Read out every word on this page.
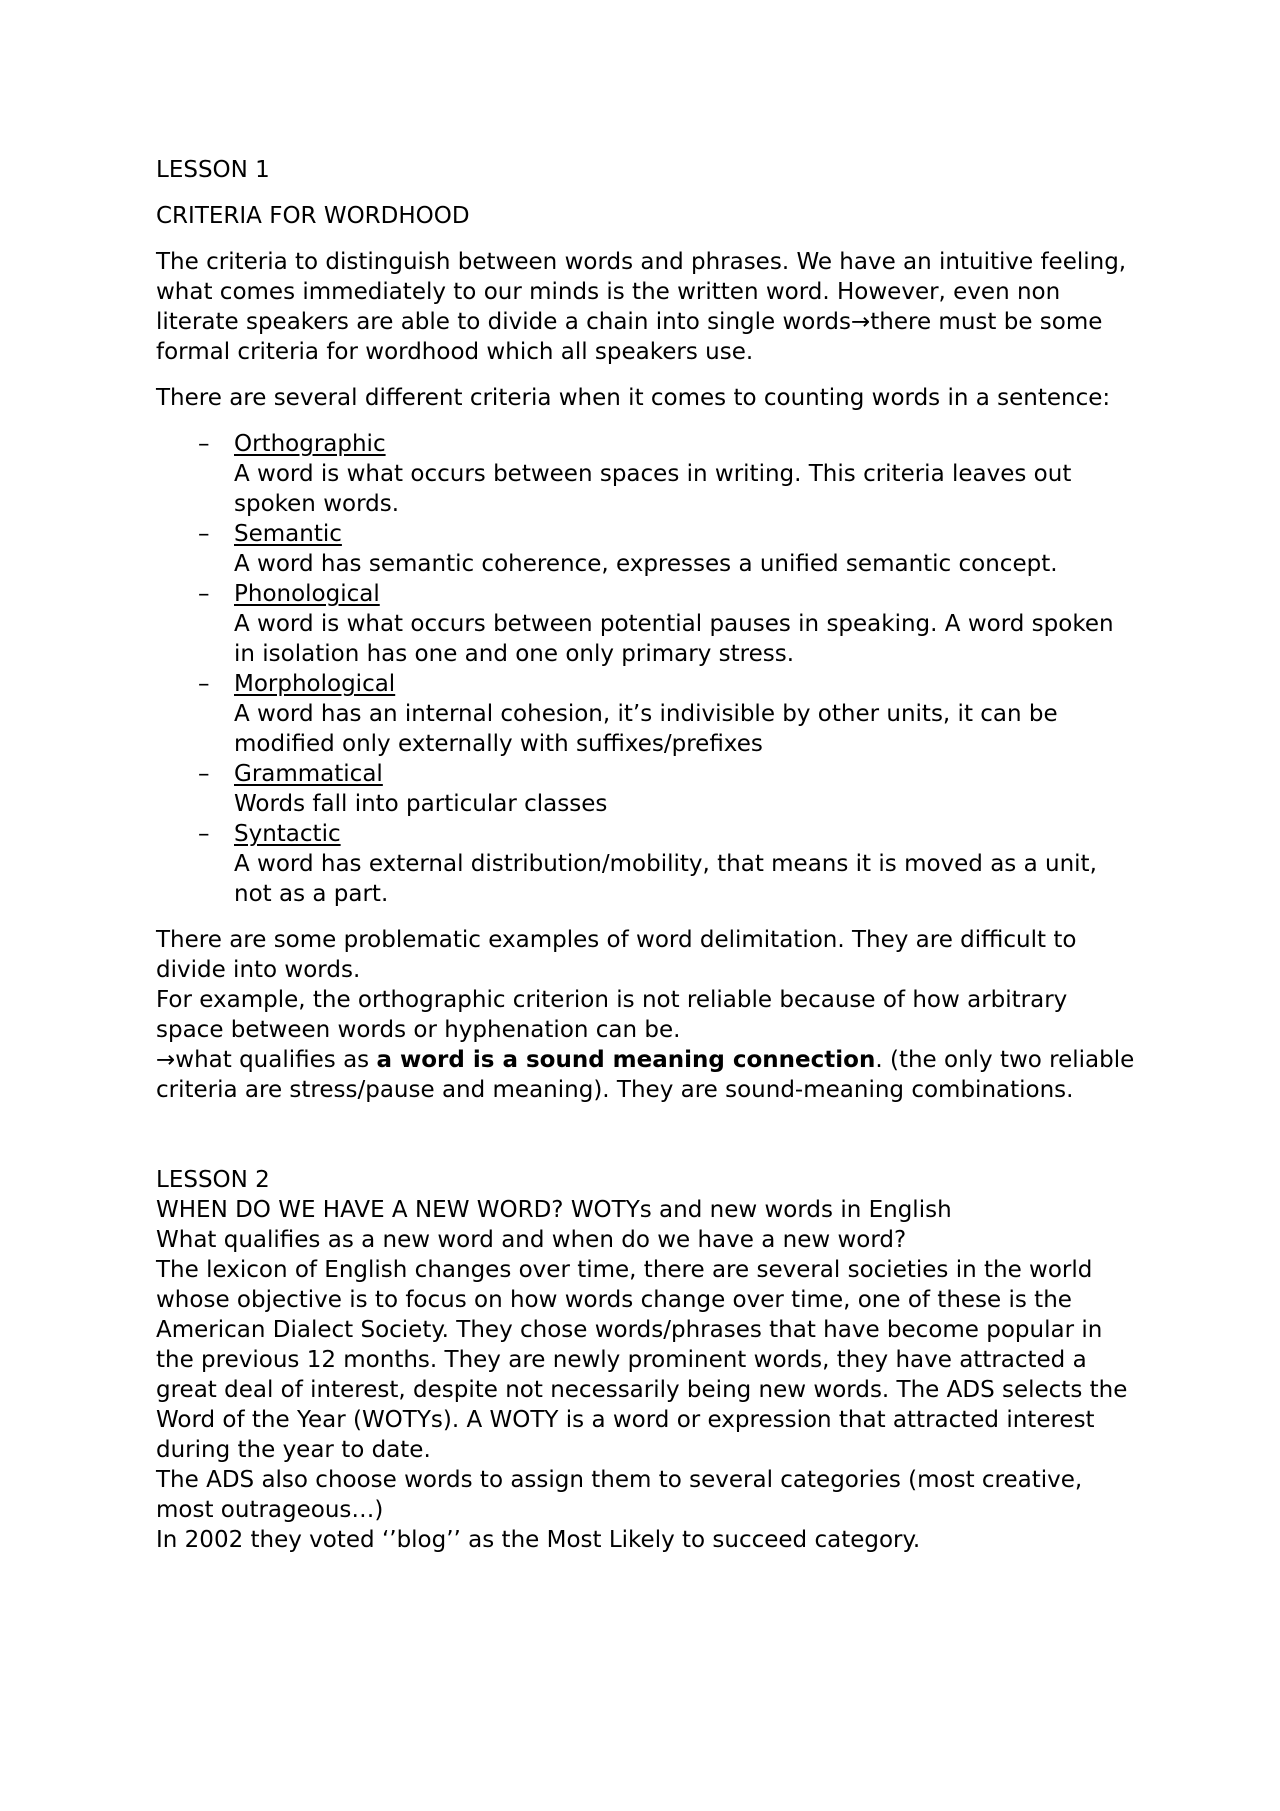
LESSON 1

CRITERIA FOR WORDHOOD

The criteria to distinguish between words and phrases. We have an intuitive feeling, what comes immediately to our minds is the written word. However, even non literate speakers are able to divide a chain into single words→there must be some formal criteria for wordhood which all speakers use.

There are several different criteria when it comes to counting words in a sentence:

–	Orthographic
A word is what occurs between spaces in writing. This criteria leaves out spoken words.
–	Semantic
A word has semantic coherence, expresses a unified semantic concept.
–	Phonological
A word is what occurs between potential pauses in speaking. A word spoken in isolation has one and one only primary stress.
–	Morphological
A word has an internal cohesion, it’s indivisible by other units, it can be modified only externally with suffixes/prefixes
–	Grammatical
Words fall into particular classes
–	Syntactic
A word has external distribution/mobility, that means it is moved as a unit, not as a part.

There are some problematic examples of word delimitation. They are difficult to divide into words.

For example, the orthographic criterion is not reliable because of how arbitrary space between words or hyphenation can be.

→what qualifies as a word is a sound meaning connection. (the only two reliable criteria are stress/pause and meaning). They are sound-meaning combinations.

LESSON 2

WHEN DO WE HAVE A NEW WORD? WOTYs and new words in English

What qualifies as a new word and when do we have a new word?

The lexicon of English changes over time, there are several societies in the world whose objective is to focus on how words change over time, one of these is the American Dialect Society. They chose words/phrases that have become popular in the previous 12 months. They are newly prominent words, they have attracted a great deal of interest, despite not necessarily being new words. The ADS selects the Word of the Year (WOTYs). A WOTY is a word or expression that attracted interest during the year to date.

The ADS also choose words to assign them to several categories (most creative, most outrageous…)

In 2002 they voted ‘’blog’’ as the Most Likely to succeed category.
